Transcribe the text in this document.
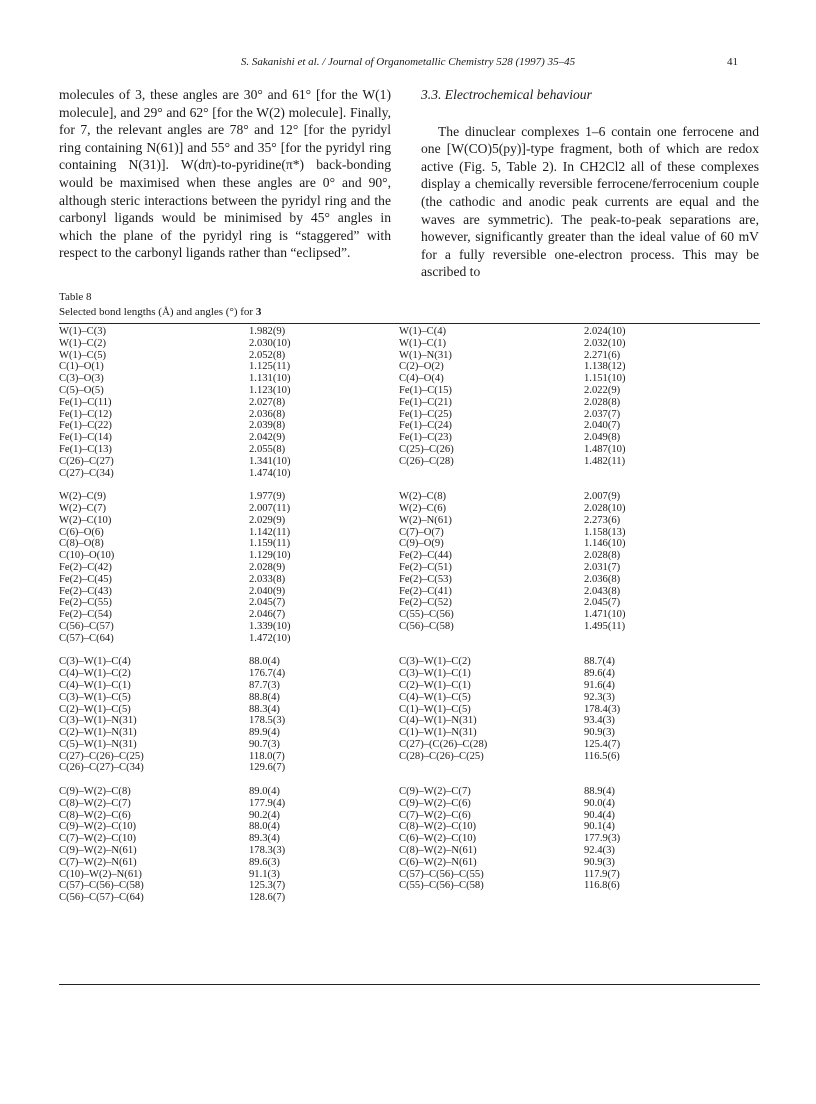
S. Sakanishi et al. / Journal of Organometallic Chemistry 528 (1997) 35–45	41

molecules of 3, these angles are 30° and 61° [for the W(1) molecule], and 29° and 62° [for the W(2) molecule]. Finally, for 7, the relevant angles are 78° and 12° [for the pyridyl ring containing N(61)] and 55° and 35° [for the pyridyl ring containing N(31)]. W(dπ)-to-pyridine(π*) back-bonding would be maximised when these angles are 0° and 90°, although steric interactions between the pyridyl ring and the carbonyl ligands would be minimised by 45° angles in which the plane of the pyridyl ring is “staggered” with respect to the carbonyl ligands rather than “eclipsed”.

3.3. Electrochemical behaviour

The dinuclear complexes 1–6 contain one ferrocene and one [W(CO)5(py)]-type fragment, both of which are redox active (Fig. 5, Table 2). In CH2Cl2 all of these complexes display a chemically reversible ferrocene/ferrocenium couple (the cathodic and anodic peak currents are equal and the waves are symmetric). The peak-to-peak separations are, however, significantly greater than the ideal value of 60 mV for a fully reversible one-electron process. This may be ascribed to

Table 8
Selected bond lengths (Å) and angles (°) for 3
W(1)–C(3)	1.982(9)	W(1)–C(4)	2.024(10)
W(1)–C(2)	2.030(10)	W(1)–C(1)	2.032(10)
W(1)–C(5)	2.052(8)	W(1)–N(31)	2.271(6)
C(1)–O(1)	1.125(11)	C(2)–O(2)	1.138(12)
C(3)–O(3)	1.131(10)	C(4)–O(4)	1.151(10)
C(5)–O(5)	1.123(10)	Fe(1)–C(15)	2.022(9)
Fe(1)–C(11)	2.027(8)	Fe(1)–C(21)	2.028(8)
Fe(1)–C(12)	2.036(8)	Fe(1)–C(25)	2.037(7)
Fe(1)–C(22)	2.039(8)	Fe(1)–C(24)	2.040(7)
Fe(1)–C(14)	2.042(9)	Fe(1)–C(23)	2.049(8)
Fe(1)–C(13)	2.055(8)	C(25)–C(26)	1.487(10)
C(26)–C(27)	1.341(10)	C(26)–C(28)	1.482(11)
C(27)–C(34)	1.474(10)
W(2)–C(9)	1.977(9)	W(2)–C(8)	2.007(9)
W(2)–C(7)	2.007(11)	W(2)–C(6)	2.028(10)
W(2)–C(10)	2.029(9)	W(2)–N(61)	2.273(6)
C(6)–O(6)	1.142(11)	C(7)–O(7)	1.158(13)
C(8)–O(8)	1.159(11)	C(9)–O(9)	1.146(10)
C(10)–O(10)	1.129(10)	Fe(2)–C(44)	2.028(8)
Fe(2)–C(42)	2.028(9)	Fe(2)–C(51)	2.031(7)
Fe(2)–C(45)	2.033(8)	Fe(2)–C(53)	2.036(8)
Fe(2)–C(43)	2.040(9)	Fe(2)–C(41)	2.043(8)
Fe(2)–C(55)	2.045(7)	Fe(2)–C(52)	2.045(7)
Fe(2)–C(54)	2.046(7)	C(55)–C(56)	1.471(10)
C(56)–C(57)	1.339(10)	C(56)–C(58)	1.495(11)
C(57)–C(64)	1.472(10)
C(3)–W(1)–C(4)	88.0(4)	C(3)–W(1)–C(2)	88.7(4)
C(4)–W(1)–C(2)	176.7(4)	C(3)–W(1)–C(1)	89.6(4)
C(4)–W(1)–C(1)	87.7(3)	C(2)–W(1)–C(1)	91.6(4)
C(3)–W(1)–C(5)	88.8(4)	C(4)–W(1)–C(5)	92.3(3)
C(2)–W(1)–C(5)	88.3(4)	C(1)–W(1)–C(5)	178.4(3)
C(3)–W(1)–N(31)	178.5(3)	C(4)–W(1)–N(31)	93.4(3)
C(2)–W(1)–N(31)	89.9(4)	C(1)–W(1)–N(31)	90.9(3)
C(5)–W(1)–N(31)	90.7(3)	C(27)–(C(26)–C(28)	125.4(7)
C(27)–C(26)–C(25)	118.0(7)	C(28)–C(26)–C(25)	116.5(6)
C(26)–C(27)–C(34)	129.6(7)
C(9)–W(2)–C(8)	89.0(4)	C(9)–W(2)–C(7)	88.9(4)
C(8)–W(2)–C(7)	177.9(4)	C(9)–W(2)–C(6)	90.0(4)
C(8)–W(2)–C(6)	90.2(4)	C(7)–W(2)–C(6)	90.4(4)
C(9)–W(2)–C(10)	88.0(4)	C(8)–W(2)–C(10)	90.1(4)
C(7)–W(2)–C(10)	89.3(4)	C(6)–W(2)–C(10)	177.9(3)
C(9)–W(2)–N(61)	178.3(3)	C(8)–W(2)–N(61)	92.4(3)
C(7)–W(2)–N(61)	89.6(3)	C(6)–W(2)–N(61)	90.9(3)
C(10)–W(2)–N(61)	91.1(3)	C(57)–C(56)–C(55)	117.9(7)
C(57)–C(56)–C(58)	125.3(7)	C(55)–C(56)–C(58)	116.8(6)
C(56)–C(57)–C(64)	128.6(7)
